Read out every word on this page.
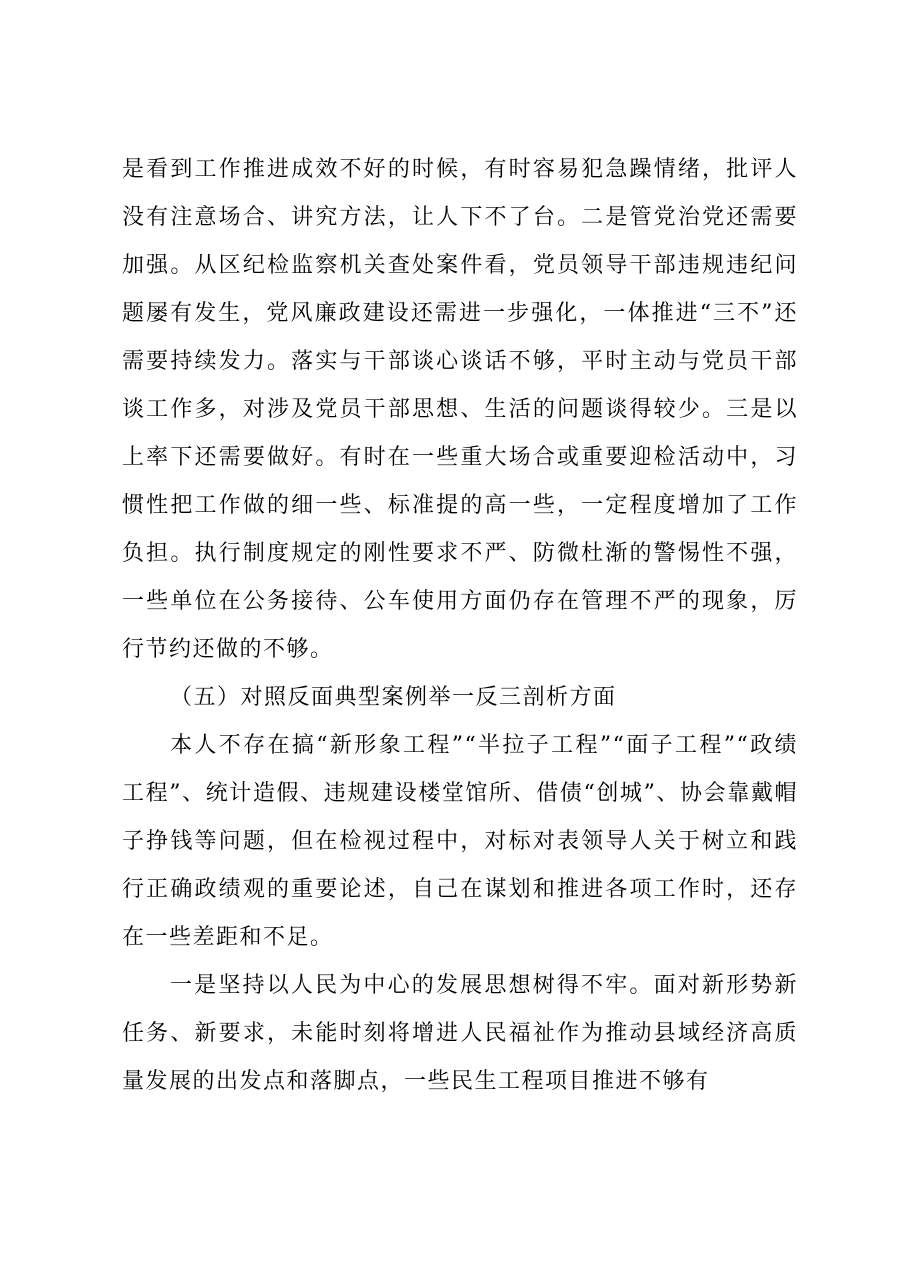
是看到工作推进成效不好的时候，有时容易犯急躁情绪，批评人没有注意场合、讲究方法，让人下不了台。二是管党治党还需要加强。从区纪检监察机关查处案件看，党员领导干部违规违纪问题屡有发生，党风廉政建设还需进一步强化，一体推进“三不”还需要持续发力。落实与干部谈心谈话不够，平时主动与党员干部谈工作多，对涉及党员干部思想、生活的问题谈得较少。三是以上率下还需要做好。有时在一些重大场合或重要迎检活动中，习惯性把工作做的细一些、标准提的高一些，一定程度增加了工作负担。执行制度规定的刚性要求不严、防微杜渐的警惕性不强，一些单位在公务接待、公车使用方面仍存在管理不严的现象，厉行节约还做的不够。

（五）对照反面典型案例举一反三剖析方面

本人不存在搞“新形象工程”“半拉子工程”“面子工程”“政绩工程”、统计造假、违规建设楼堂馆所、借债“创城”、协会靠戴帽子挣钱等问题，但在检视过程中，对标对表领导人关于树立和践行正确政绩观的重要论述，自己在谋划和推进各项工作时，还存在一些差距和不足。

一是坚持以人民为中心的发展思想树得不牢。面对新形势新任务、新要求，未能时刻将增进人民福祉作为推动县域经济高质量发展的出发点和落脚点，一些民生工程项目推进不够有
